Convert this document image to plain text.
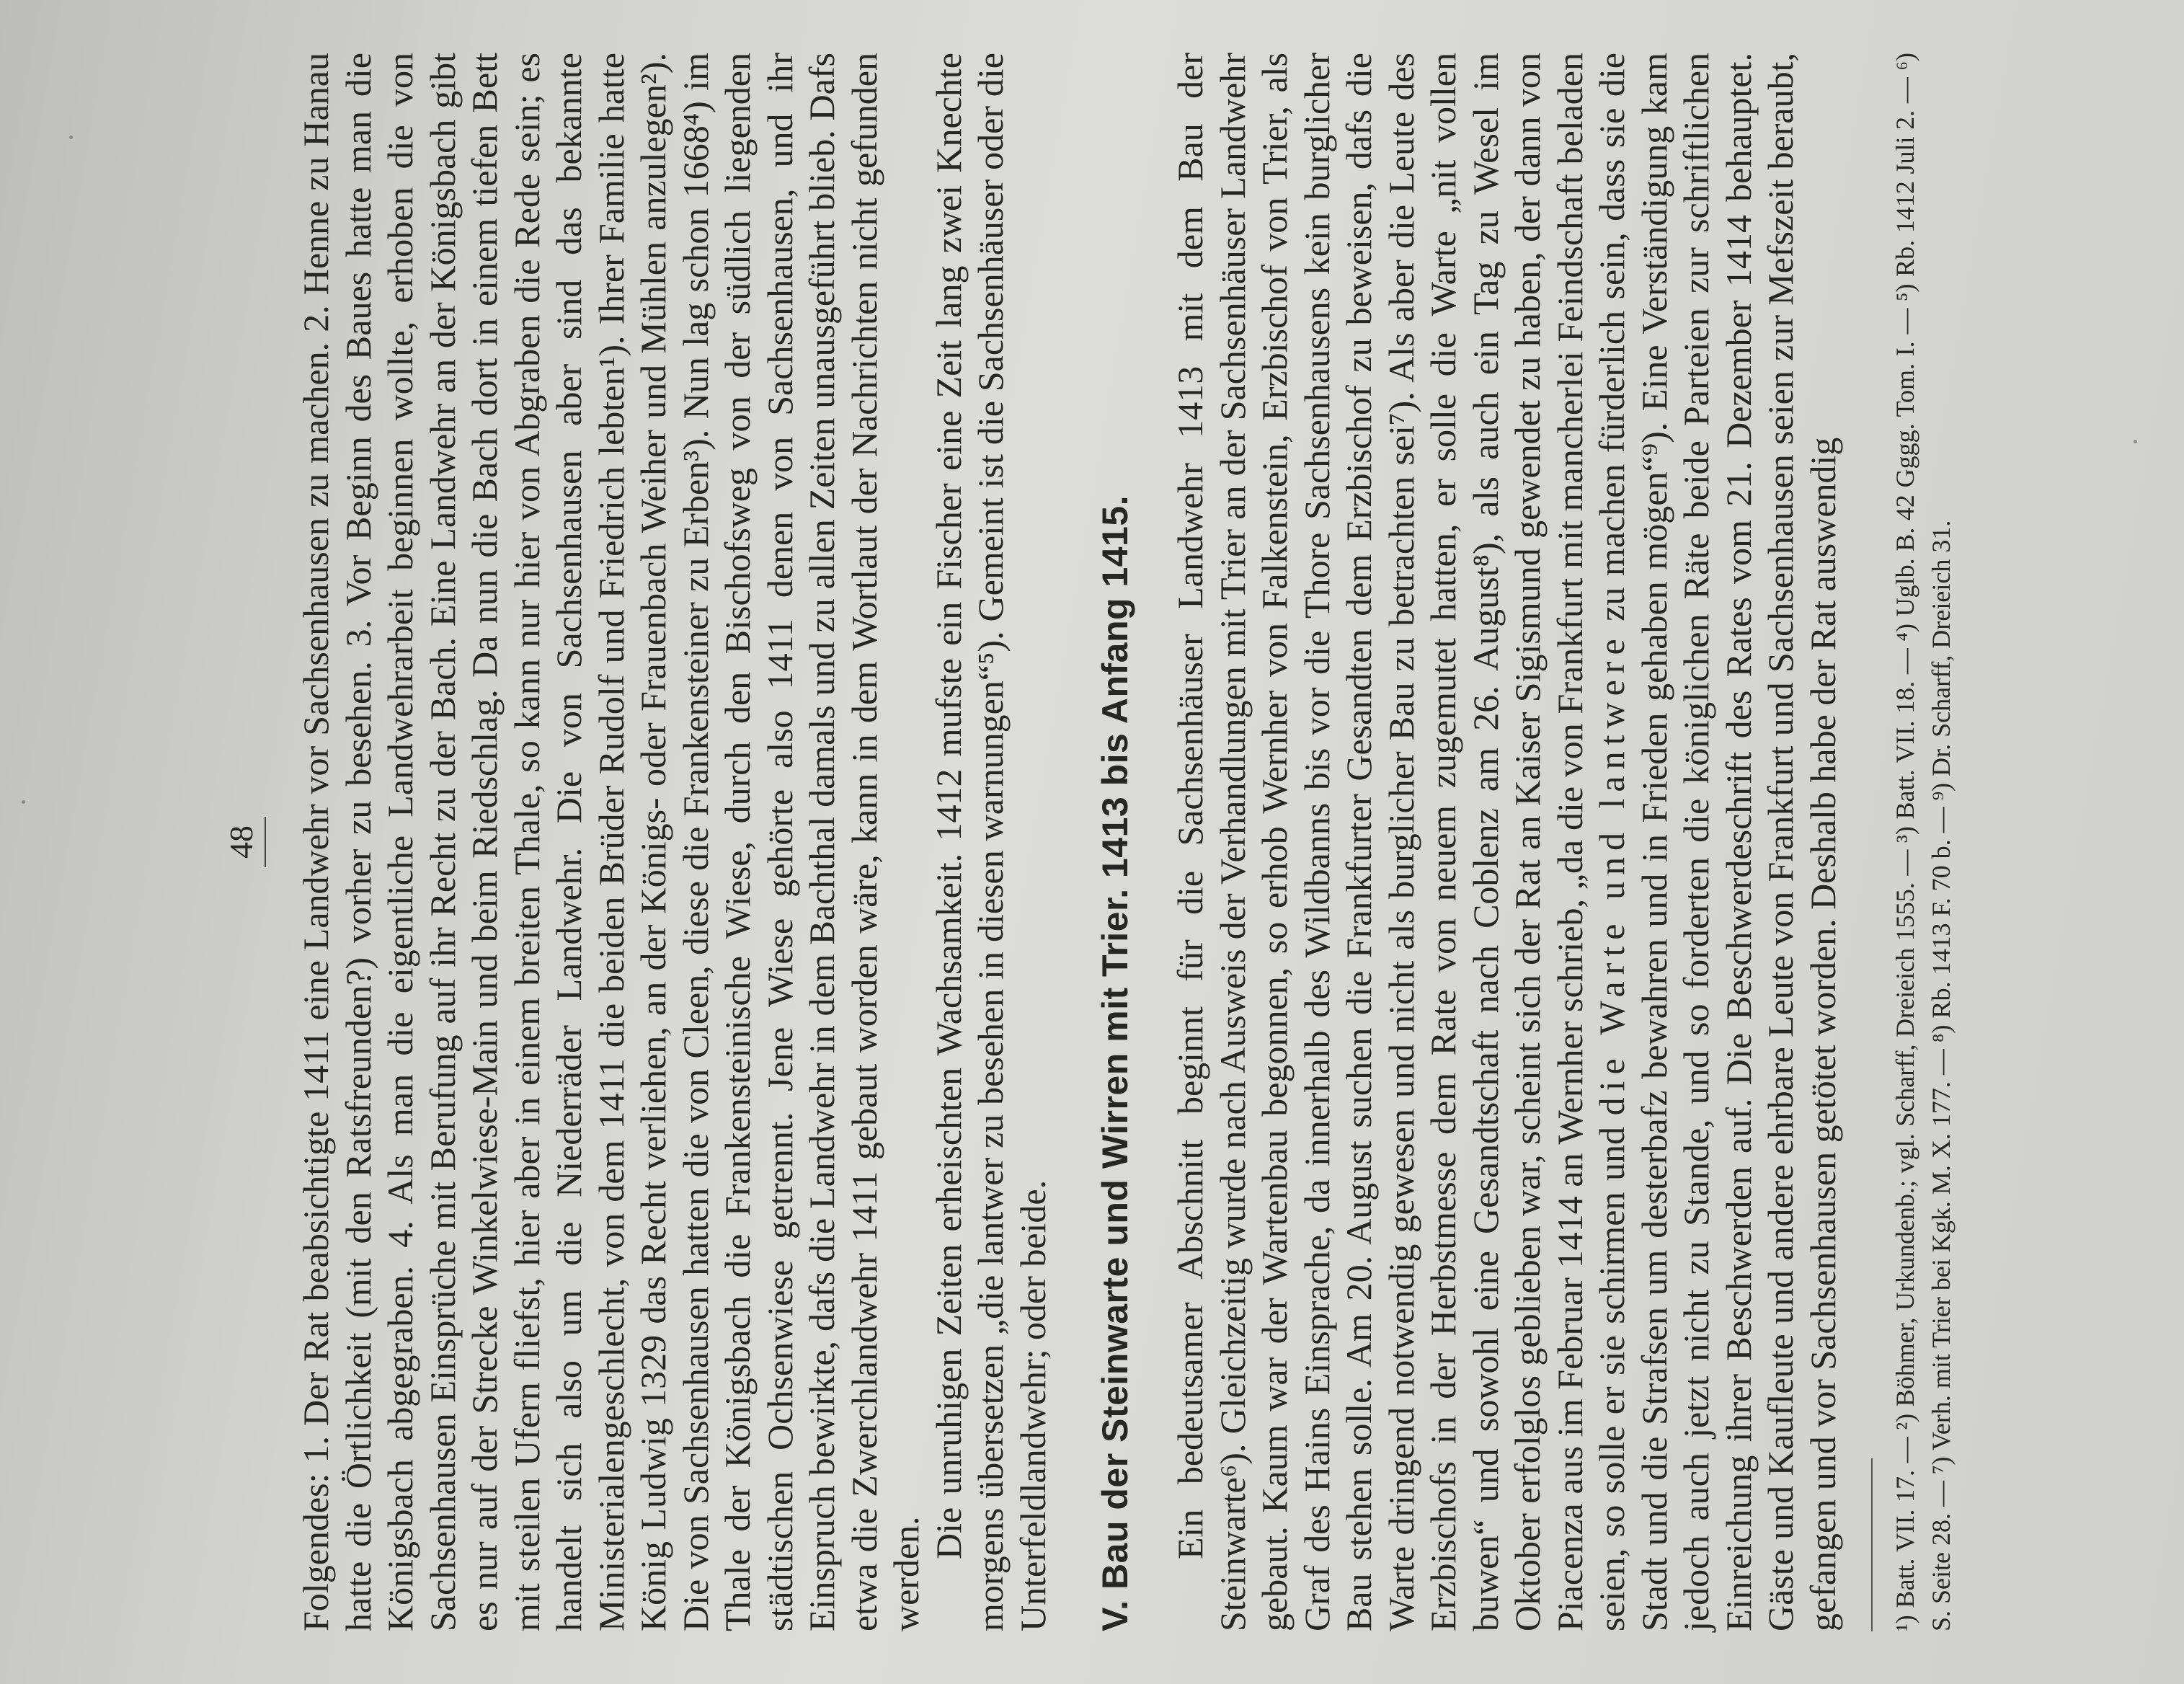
48 Folgendes: 1. Der Rat beabsichtigte 1411 eine Landwehr vor Sachsenhausen zu machen. 2. Henne zu Hanau hatte die Örtlichkeit (mit den Ratsfreunden?) vorher zu besehen. 3. Vor Beginn des Baues hatte man die Königsbach abgegraben. 4. Als man die eigentliche Landwehrarbeit beginnen wollte, erhoben die von Sachsenhausen Einsprüche mit Berufung auf ihr Recht zu der Bach. Eine Landwehr an der Königsbach gibt es nur auf der Strecke Winkelwiese-Main und beim Riedschlag. Da nun die Bach dort in einem tiefen Bett mit steilen Ufern fliefst, hier aber in einem breiten Thale, so kann nur hier von Abgraben die Rede sein; es handelt sich also um die Niederräder Landwehr. Die von Sachsenhausen aber sind das bekannte Ministerialengeschlecht, von dem 1411 die beiden Brüder Rudolf und Friedrich lebten¹). Ihrer Familie hatte König Ludwig 1329 das Recht verliehen, an der Königs- oder Frauenbach Weiher und Mühlen anzulegen²). Die von Sachsenhausen hatten die von Cleen, diese die Frankensteiner zu Erben³). Nun lag schon 1668⁴) im Thale der Königsbach die Frankensteinische Wiese, durch den Bischofsweg von der südlich liegenden städtischen Ochsenwiese getrennt. Jene Wiese gehörte also 1411 denen von Sachsenhausen, und ihr Einspruch bewirkte, dafs die Landwehr in dem Bachthal damals und zu allen Zeiten unausgeführt blieb. Dafs etwa die Zwerchlandwehr 1411 gebaut worden wäre, kann in dem Wortlaut der Nachrichten nicht gefunden werden.

Die unruhigen Zeiten erheischten Wachsamkeit. 1412 mufste ein Fischer eine Zeit lang zwei Knechte morgens übersetzen „die lantwer zu besehen in diesen warnungen“⁵). Gemeint ist die Sachsenhäuser oder die Unterfeldlandwehr; oder beide. V. Bau der Steinwarte und Wirren mit Trier. 1413 bis Anfang 1415. Ein bedeutsamer Abschnitt beginnt für die Sachsenhäuser Landwehr 1413 mit dem Bau der Steinwarte⁶). Gleichzeitig wurde nach Ausweis der Verhandlungen mit Trier an der Sachsenhäuser Landwehr gebaut. Kaum war der Wartenbau begonnen, so erhob Wernher von Falkenstein, Erzbischof von Trier, als Graf des Hains Einsprache, da innerhalb des Wildbanns bis vor die Thore Sachsenhausens kein burglicher Bau stehen solle. Am 20. August suchen die Frankfurter Gesandten dem Erzbischof zu beweisen, dafs die Warte dringend notwendig gewesen und nicht als burglicher Bau zu betrachten sei⁷). Als aber die Leute des Erzbischofs in der Herbstmesse dem Rate von neuem zugemutet hatten, er solle die Warte „nit vollen buwen“ und sowohl eine Gesandtschaft nach Coblenz am 26. August⁸), als auch ein Tag zu Wesel im Oktober erfolglos geblieben war, scheint sich der Rat an Kaiser Sigismund gewendet zu haben, der dann von Piacenza aus im Februar 1414 an Wernher schrieb, „da die von Frankfurt mit mancherlei Feindschaft beladen seien, so solle er sie schirmen und die Warte und lantwere zu machen fürderlich sein, dass sie die Stadt und die Strafsen um desterbafz bewahren und in Frieden gehaben mögen“⁹). Eine Verständigung kam jedoch auch jetzt nicht zu Stande, und so forderten die königlichen Räte beide Parteien zur schriftlichen Einreichung ihrer Beschwerden auf. Die Beschwerdeschrift des Rates vom 21. Dezember 1414 behauptet. Gäste und Kaufleute und andere ehrbare Leute von Frankfurt und Sachsenhausen seien zur Mefszeit beraubt, gefangen und vor Sachsenhausen getötet worden. Deshalb habe der Rat auswendig ¹) Batt. VII. 17. — ²) Böhmer, Urkundenb.; vgl. Scharff, Dreieich 1555. — ³) Batt. VII. 18. — ⁴) Uglb. B. 42 Gggg. Tom. I. — ⁵) Rb. 1412 Juli 2. — ⁶) S. Seite 28. — ⁷) Verh. mit Trier bei Kgk. M. X. 177. — ⁸) Rb. 1413 F. 70 b. — ⁹) Dr. Scharff, Dreieich 31.
